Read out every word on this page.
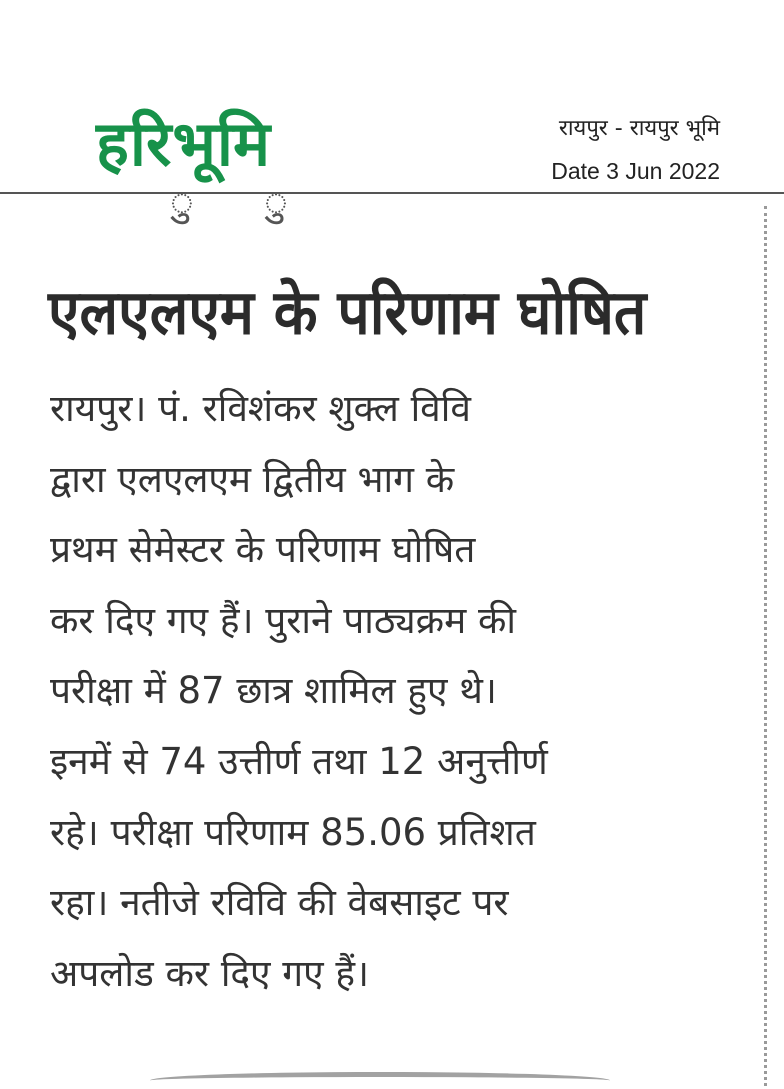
हरिभूमि	रायपुर - रायपुर भूमि
Date 3 Jun 2022
ु ु
एलएलएम के परिणाम घोषित
रायपुर। पं. रविशंकर शुक्ल विवि
द्वारा एलएलएम द्वितीय भाग के
प्रथम सेमेस्टर के परिणाम घोषित
कर दिए गए हैं। पुराने पाठ्यक्रम की
परीक्षा में 87 छात्र शामिल हुए थे।
इनमें से 74 उत्तीर्ण तथा 12 अनुत्तीर्ण
रहे। परीक्षा परिणाम 85.06 प्रतिशत
रहा। नतीजे रविवि की वेबसाइट पर
अपलोड कर दिए गए हैं।
